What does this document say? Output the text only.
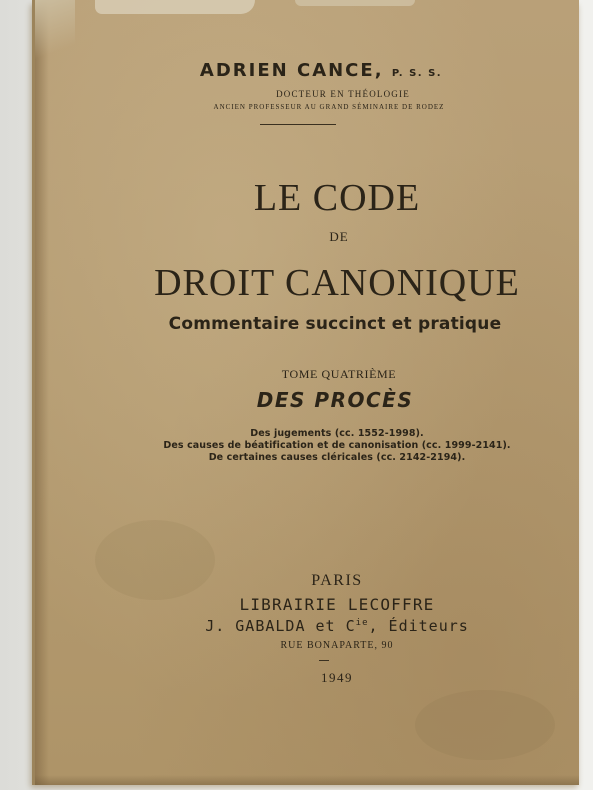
ADRIEN CANCE, P. S. S.
DOCTEUR EN THÉOLOGIE
ANCIEN PROFESSEUR AU GRAND SÉMINAIRE DE RODEZ
LE CODE
DE
DROIT CANONIQUE
Commentaire succinct et pratique
TOME QUATRIÈME
DES PROCÈS
Des jugements (cc. 1552-1998).
Des causes de béatification et de canonisation (cc. 1999-2141).
De certaines causes cléricales (cc. 2142-2194).
PARIS
LIBRAIRIE LECOFFRE
J. GABALDA et $C^{ie}$, Éditeurs
RUE BONAPARTE, 90
1949
